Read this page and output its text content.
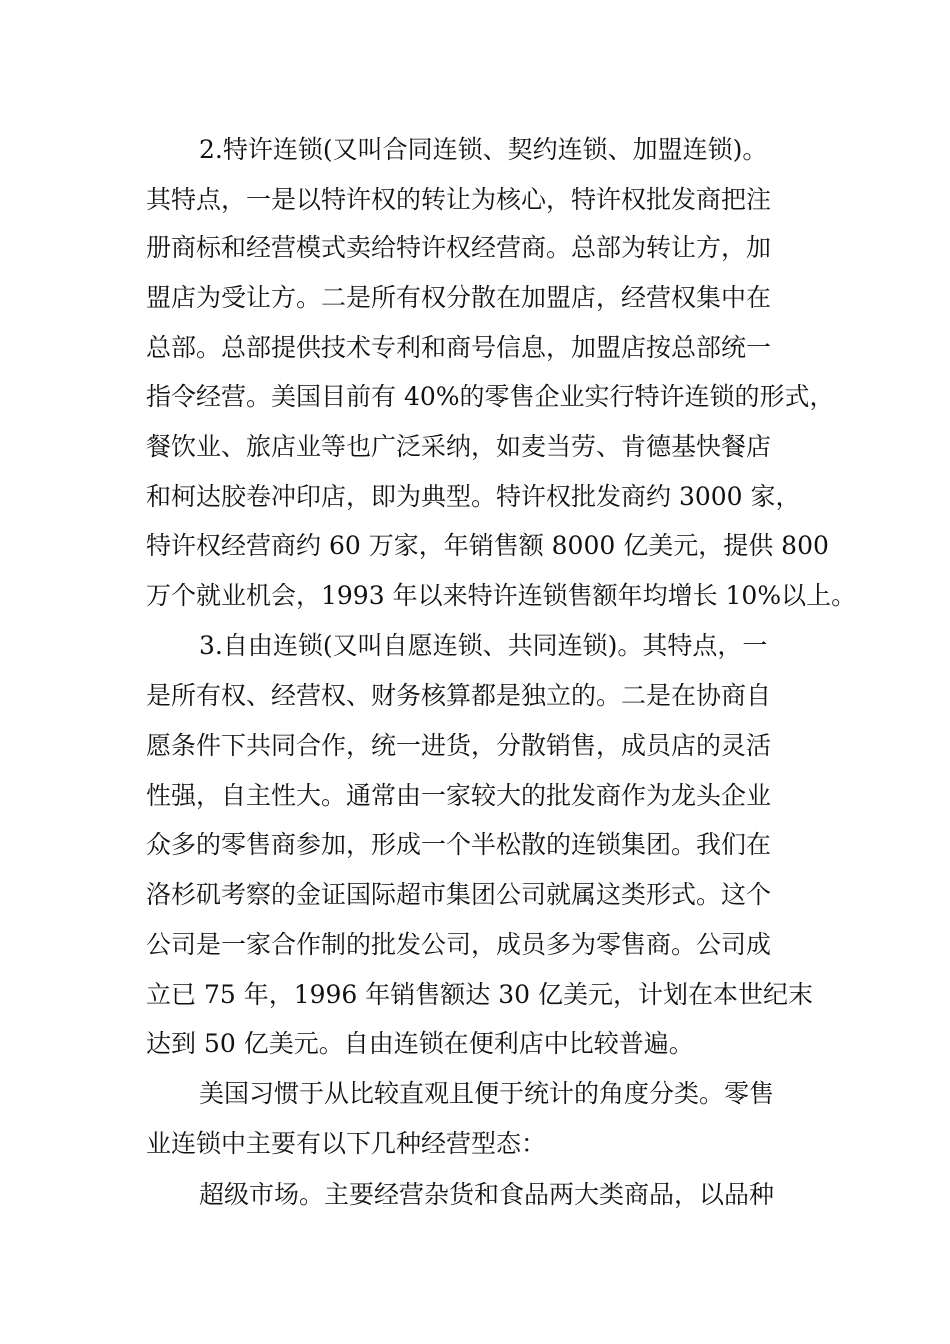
2.特许连锁(又叫合同连锁、契约连锁、加盟连锁)。
其特点，一是以特许权的转让为核心，特许权批发商把注
册商标和经营模式卖给特许权经营商。总部为转让方，加
盟店为受让方。二是所有权分散在加盟店，经营权集中在
总部。总部提供技术专利和商号信息，加盟店按总部统一
指令经营。美国目前有 40%的零售企业实行特许连锁的形式，
餐饮业、旅店业等也广泛采纳，如麦当劳、肯德基快餐店
和柯达胶卷冲印店，即为典型。特许权批发商约 3000 家，
特许权经营商约 60 万家，年销售额 8000 亿美元，提供 800
万个就业机会，1993 年以来特许连锁售额年均增长 10%以上。
3.自由连锁(又叫自愿连锁、共同连锁)。其特点，一
是所有权、经营权、财务核算都是独立的。二是在协商自
愿条件下共同合作，统一进货，分散销售，成员店的灵活
性强，自主性大。通常由一家较大的批发商作为龙头企业
众多的零售商参加，形成一个半松散的连锁集团。我们在
洛杉矶考察的金证国际超市集团公司就属这类形式。这个
公司是一家合作制的批发公司，成员多为零售商。公司成
立已 75 年，1996 年销售额达 30 亿美元，计划在本世纪末
达到 50 亿美元。自由连锁在便利店中比较普遍。
美国习惯于从比较直观且便于统计的角度分类。零售
业连锁中主要有以下几种经营型态：
超级市场。主要经营杂货和食品两大类商品，以品种
